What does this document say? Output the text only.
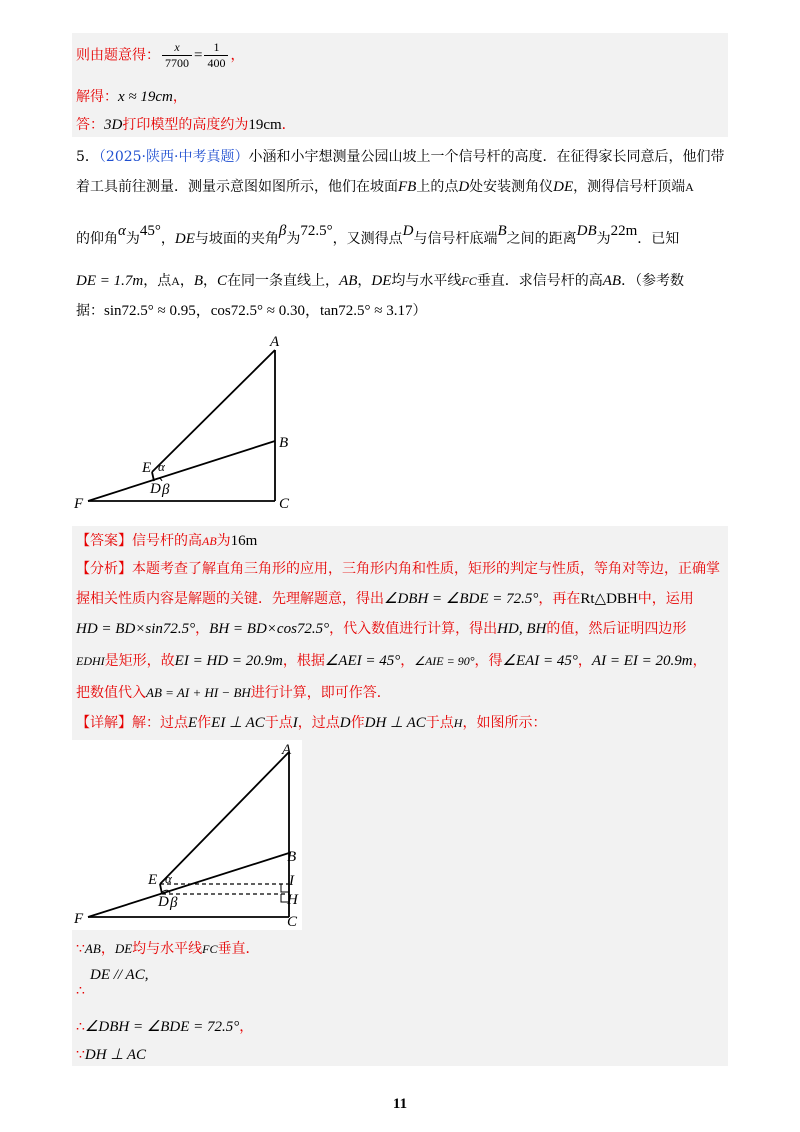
则由题意得： $\frac{x}{7700} = \frac{1}{400}$ ，
解得：x ≈ 19cm，
答：3D打印模型的高度约为19cm．
5．（2025·陕西·中考真题）小涵和小宇想测量公园山坡上一个信号杆的高度．在征得家长同意后，他们带
着工具前往测量．测量示意图如图所示，他们在坡面FB上的点D处安装测角仪DE，测得信号杆顶端A
的仰角α为45°，DE与坡面的夹角β为72.5°，又测得点D与信号杆底端B之间的距离DB为22m．已知
DE = 1.7m，点A，B，C在同一条直线上，AB，DE均与水平线FC垂直．求信号杆的高AB．（参考数
据：sin72.5° ≈ 0.95，cos72.5° ≈ 0.30，tan72.5° ≈ 3.17）
A
B
C
D
E
F
α
β
【答案】信号杆的高AB为16m
【分析】本题考查了解直角三角形的应用，三角形内角和性质，矩形的判定与性质，等角对等边，正确掌
握相关性质内容是解题的关键．先理解题意，得出∠DBH = ∠BDE = 72.5°，再在Rt△DBH中，运用
HD = BD×sin72.5°，BH = BD×cos72.5°，代入数值进行计算，得出HD, BH的值，然后证明四边形
EDHI是矩形，故EI = HD = 20.9m，根据∠AEI = 45°，∠AIE = 90°，得∠EAI = 45°，AI = EI = 20.9m，
把数值代入AB = AI + HI − BH进行计算，即可作答．
【详解】解：过点E作EI ⊥ AC于点I，过点D作DH ⊥ AC于点H，如图所示：
A
B
C
D
E
F
H
I
α
β
∵AB，DE均与水平线FC垂直．
DE // AC,
∴
∴∠DBH = ∠BDE = 72.5°，
∵DH ⊥ AC
11
